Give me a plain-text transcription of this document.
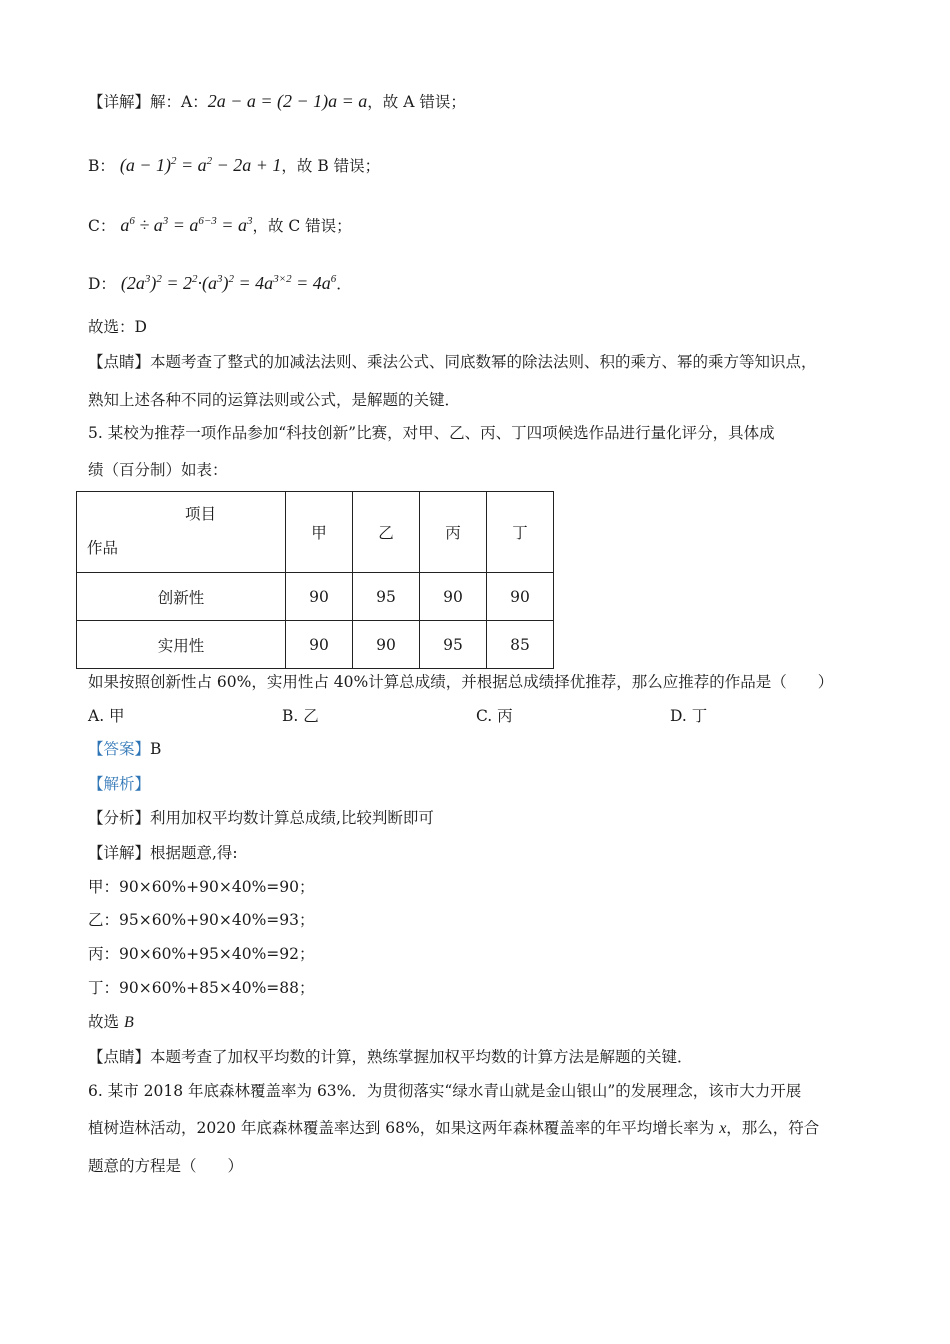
【详解】解：A：2a − a = (2 − 1)a = a，故 A 错误；
B： $(a - 1)^2 = a^2 - 2a + 1$，故 B 错误；
C： $a^6 \div a^3 = a^{6-3} = a^3$，故 C 错误；
D： $(2a^3)^2 = 2^2\cdot(a^3)^2 = 4a^{3\times 2} = 4a^6$．
故选：D
【点睛】本题考查了整式的加减法法则、乘法公式、同底数幂的除法法则、积的乘方、幂的乘方等知识点，
熟知上述各种不同的运算法则或公式，是解题的关键．
5. 某校为推荐一项作品参加“科技创新”比赛，对甲、乙、丙、丁四项候选作品进行量化评分，具体成
绩（百分制）如表：
项目
作品	甲	乙	丙	丁
创新性	90	95	90	90
实用性	90	90	95	85
如果按照创新性占 60%，实用性占 40%计算总成绩，并根据总成绩择优推荐，那么应推荐的作品是（　　）
A. 甲	B. 乙	C. 丙	D. 丁
【答案】B
【解析】
【分析】利用加权平均数计算总成绩,比较判断即可
【详解】根据题意,得:
甲：90×60%+90×40%=90；
乙：95×60%+90×40%=93；
丙：90×60%+95×40%=92；
丁：90×60%+85×40%=88；
故选 B
【点睛】本题考查了加权平均数的计算，熟练掌握加权平均数的计算方法是解题的关键．
6. 某市 2018 年底森林覆盖率为 63%．为贯彻落实“绿水青山就是金山银山”的发展理念，该市大力开展
植树造林活动，2020 年底森林覆盖率达到 68%，如果这两年森林覆盖率的年平均增长率为 x，那么，符合
题意的方程是（　　）
